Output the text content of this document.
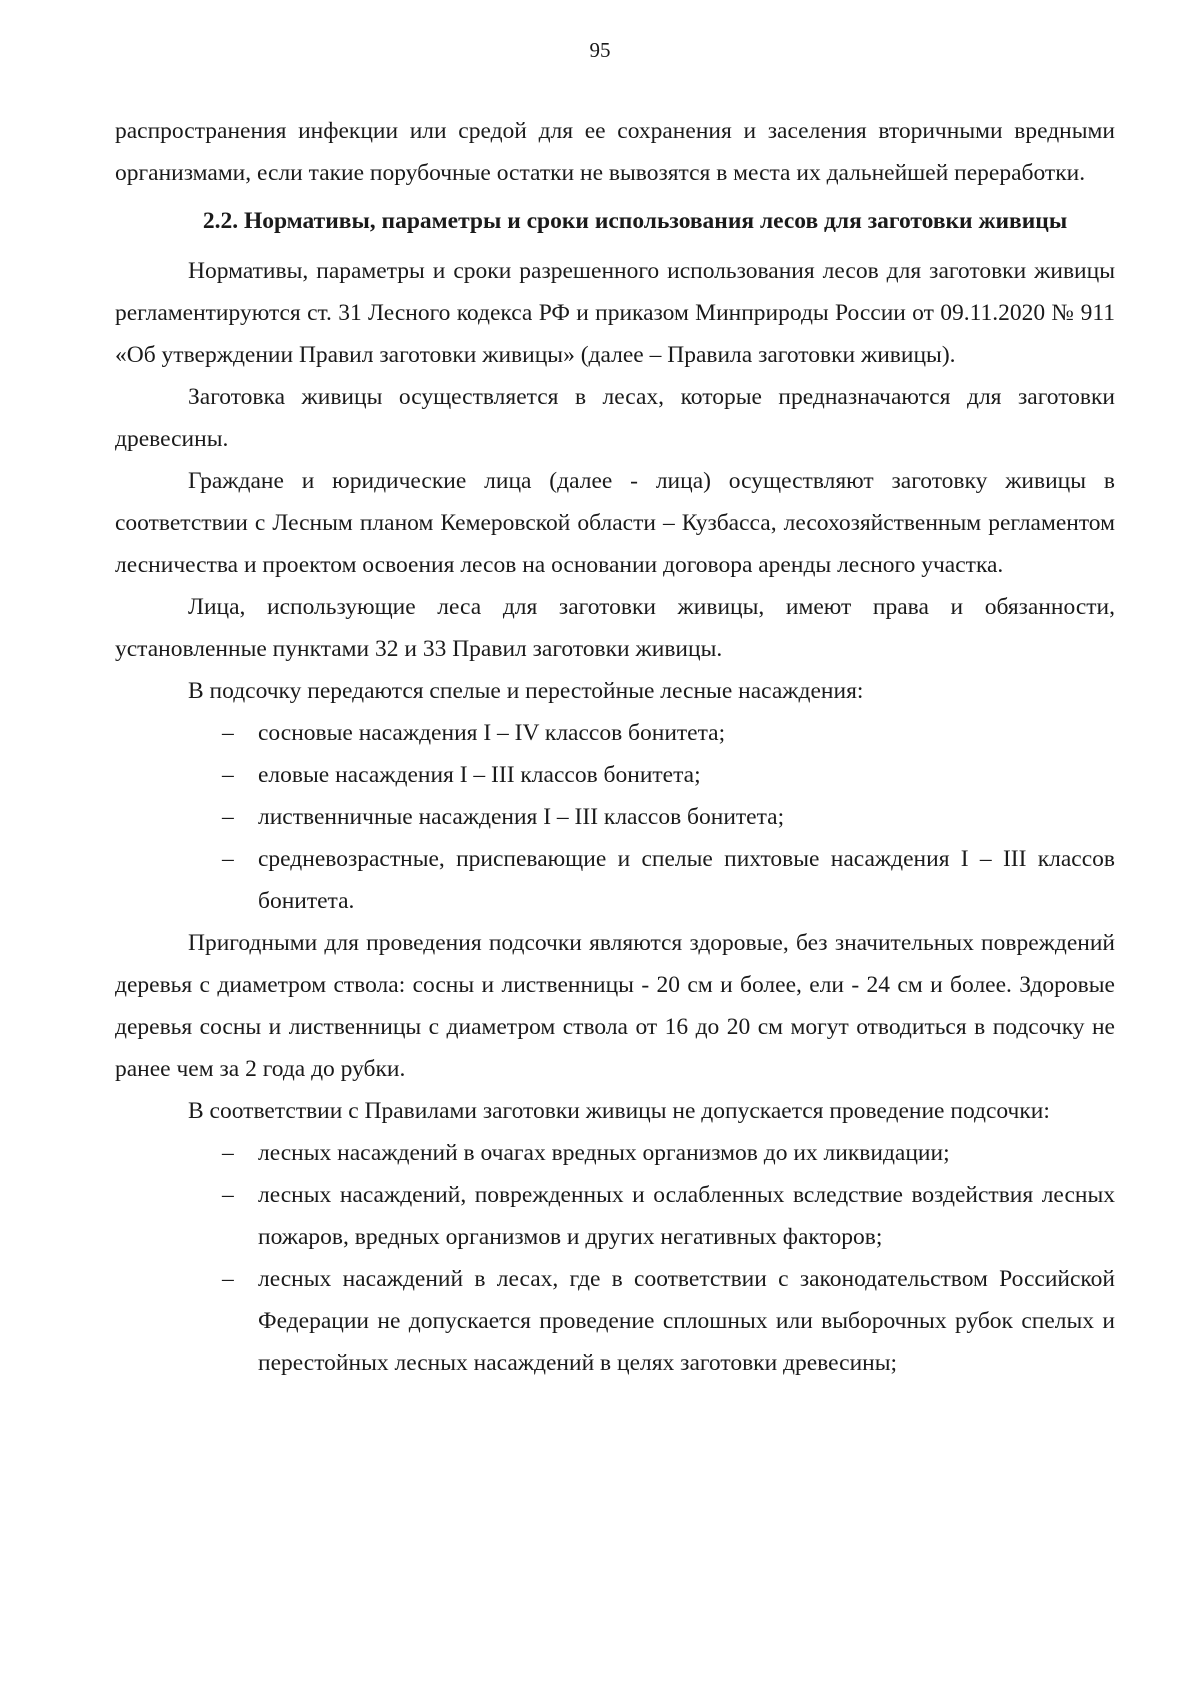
95

распространения инфекции или средой для ее сохранения и заселения вторичными вредными организмами, если такие порубочные остатки не вывозятся в места их дальнейшей переработки.

2.2. Нормативы, параметры и сроки использования лесов для заготовки живицы

Нормативы, параметры и сроки разрешенного использования лесов для заготовки живицы регламентируются ст. 31 Лесного кодекса РФ и приказом Минприроды России от 09.11.2020 № 911 «Об утверждении Правил заготовки живицы» (далее – Правила заготовки живицы).

Заготовка живицы осуществляется в лесах, которые предназначаются для заготовки древесины.

Граждане и юридические лица (далее - лица) осуществляют заготовку живицы в соответствии с Лесным планом Кемеровской области – Кузбасса, лесохозяйственным регламентом лесничества и проектом освоения лесов на основании договора аренды лесного участка.

Лица, использующие леса для заготовки живицы, имеют права и обязанности, установленные пунктами 32 и 33 Правил заготовки живицы.

В подсочку передаются спелые и перестойные лесные насаждения:

– сосновые насаждения I – IV классов бонитета;
– еловые насаждения I – III классов бонитета;
– лиственничные насаждения I – III классов бонитета;
– средневозрастные, приспевающие и спелые пихтовые насаждения I – III классов бонитета.

Пригодными для проведения подсочки являются здоровые, без значительных повреждений деревья с диаметром ствола: сосны и лиственницы - 20 см и более, ели - 24 см и более. Здоровые деревья сосны и лиственницы с диаметром ствола от 16 до 20 см могут отводиться в подсочку не ранее чем за 2 года до рубки.

В соответствии с Правилами заготовки живицы не допускается проведение подсочки:

– лесных насаждений в очагах вредных организмов до их ликвидации;
– лесных насаждений, поврежденных и ослабленных вследствие воздействия лесных пожаров, вредных организмов и других негативных факторов;
– лесных насаждений в лесах, где в соответствии с законодательством Российской Федерации не допускается проведение сплошных или выборочных рубок спелых и перестойных лесных насаждений в целях заготовки древесины;
